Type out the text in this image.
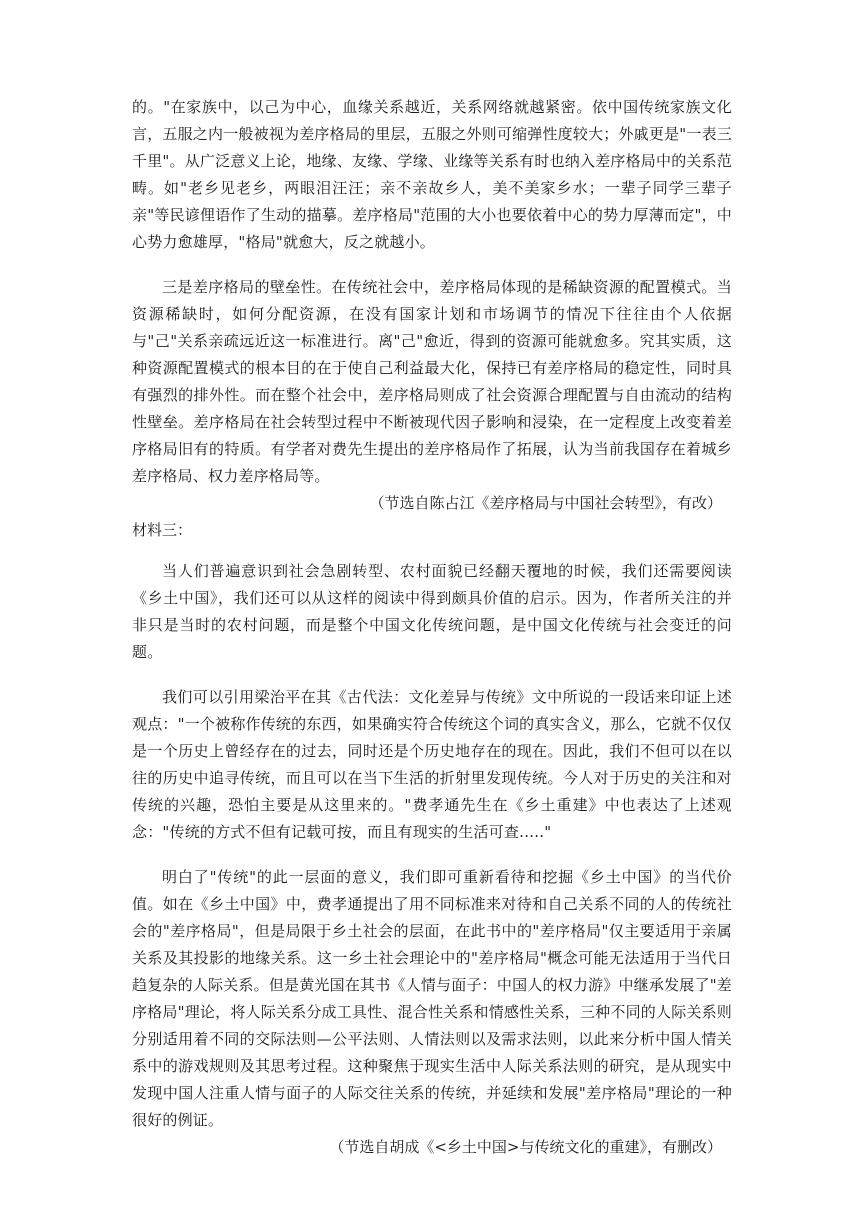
的。"在家族中，以己为中心，血缘关系越近，关系网络就越紧密。依中国传统家族文化言，五服之内一般被视为差序格局的里层，五服之外则可缩弹性度较大；外戚更是"一表三千里"。从广泛意义上论，地缘、友缘、学缘、业缘等关系有时也纳入差序格局中的关系范畴。如"老乡见老乡，两眼泪汪汪；亲不亲故乡人，美不美家乡水；一辈子同学三辈子亲"等民谚俚语作了生动的描摹。差序格局"范围的大小也要依着中心的势力厚薄而定"，中心势力愈雄厚，"格局"就愈大，反之就越小。

三是差序格局的壁垒性。在传统社会中，差序格局体现的是稀缺资源的配置模式。当资源稀缺时，如何分配资源，在没有国家计划和市场调节的情况下往往由个人依据与"己"关系亲疏远近这一标准进行。离"己"愈近，得到的资源可能就愈多。究其实质，这种资源配置模式的根本目的在于使自己利益最大化，保持已有差序格局的稳定性，同时具有强烈的排外性。而在整个社会中，差序格局则成了社会资源合理配置与自由流动的结构性壁垒。差序格局在社会转型过程中不断被现代因子影响和浸染，在一定程度上改变着差序格局旧有的特质。有学者对费先生提出的差序格局作了拓展，认为当前我国存在着城乡差序格局、权力差序格局等。

（节选自陈占江《差序格局与中国社会转型》，有改）

材料三：

当人们普遍意识到社会急剧转型、农村面貌已经翻天覆地的时候，我们还需要阅读《乡土中国》，我们还可以从这样的阅读中得到颇具价值的启示。因为，作者所关注的并非只是当时的农村问题，而是整个中国文化传统问题，是中国文化传统与社会变迁的问题。

我们可以引用梁治平在其《古代法：文化差异与传统》文中所说的一段话来印证上述观点："一个被称作传统的东西，如果确实符合传统这个词的真实含义，那么，它就不仅仅是一个历史上曾经存在的过去，同时还是个历史地存在的现在。因此，我们不但可以在以往的历史中追寻传统，而且可以在当下生活的折射里发现传统。今人对于历史的关注和对传统的兴趣，恐怕主要是从这里来的。"费孝通先生在《乡土重建》中也表达了上述观念："传统的方式不但有记载可按，而且有现实的生活可查.…."

明白了"传统"的此一层面的意义，我们即可重新看待和挖掘《乡土中国》的当代价值。如在《乡土中国》中，费孝通提出了用不同标准来对待和自己关系不同的人的传统社会的"差序格局"，但是局限于乡土社会的层面，在此书中的"差序格局"仅主要适用于亲属关系及其投影的地缘关系。这一乡土社会理论中的"差序格局"概念可能无法适用于当代日趋复杂的人际关系。但是黄光国在其书《人情与面子：中国人的权力游》中继承发展了"差序格局"理论，将人际关系分成工具性、混合性关系和情感性关系，三种不同的人际关系则分别适用着不同的交际法则—公平法则、人情法则以及需求法则，以此来分析中国人情关系中的游戏规则及其思考过程。这种聚焦于现实生活中人际关系法则的研究，是从现实中发现中国人注重人情与面子的人际交往关系的传统，并延续和发展"差序格局"理论的一种很好的例证。

（节选自胡成《<乡土中国>与传统文化的重建》，有删改）
